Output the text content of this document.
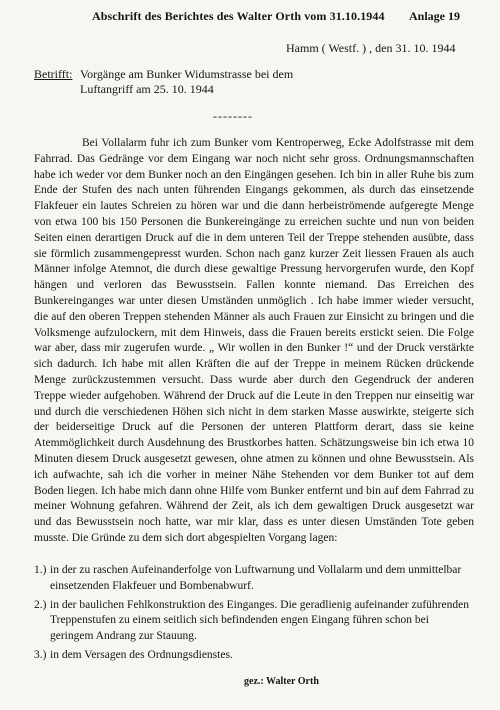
Abschrift des Berichtes des Walter Orth vom 31.10.1944 Anlage 19
Hamm ( Westf. ) , den 31. 10. 1944
Betrifft: Vorgänge am Bunker Widumstrasse bei dem
Luftangriff am 25. 10. 1944
--------

Bei Vollalarm fuhr ich zum Bunker vom Kentroperweg, Ecke Adolfstrasse mit dem Fahrrad. Das Gedränge vor dem Eingang war noch nicht sehr gross. Ordnungsmannschaften habe ich weder vor dem Bunker noch an den Eingängen gesehen. Ich bin in aller Ruhe bis zum Ende der Stufen des nach unten führenden Eingangs gekommen, als durch das einsetzende Flakfeuer ein lautes Schreien zu hören war und die dann herbeiströmende aufgeregte Menge von etwa 100 bis 150 Personen die Bunkereingänge zu erreichen suchte und nun von beiden Seiten einen derartigen Druck auf die in dem unteren Teil der Treppe stehenden ausübte, dass sie förmlich zusammengepresst wurden. Schon nach ganz kurzer Zeit liessen Frauen als auch Männer infolge Atemnot, die durch diese gewaltige Pressung hervorgerufen wurde, den Kopf hängen und verloren das Bewusstsein. Fallen konnte niemand. Das Erreichen des Bunkereinganges war unter diesen Umständen unmöglich . Ich habe immer wieder versucht, die auf den oberen Treppen stehenden Männer als auch Frauen zur Einsicht zu bringen und die Volksmenge aufzulockern, mit dem Hinweis, dass die Frauen bereits erstickt seien. Die Folge war aber, dass mir zugerufen wurde. „ Wir wollen in den Bunker !“ und der Druck verstärkte sich dadurch. Ich habe mit allen Kräften die auf der Treppe in meinem Rücken drückende Menge zurückzustemmen versucht. Dass wurde aber durch den Gegendruck der anderen Treppe wieder aufgehoben. Während der Druck auf die Leute in den Treppen nur einseitig war und durch die verschiedenen Höhen sich nicht in dem starken Masse auswirkte, steigerte sich der beiderseitige Druck auf die Personen der unteren Plattform derart, dass sie keine Atemmöglichkeit durch Ausdehnung des Brustkorbes hatten. Schätzungsweise bin ich etwa 10 Minuten diesem Druck ausgesetzt gewesen, ohne atmen zu können und ohne Bewusstsein. Als ich aufwachte, sah ich die vorher in meiner Nähe Stehenden vor dem Bunker tot auf dem Boden liegen. Ich habe mich dann ohne Hilfe vom Bunker entfernt und bin auf dem Fahrrad zu meiner Wohnung gefahren. Während der Zeit, als ich dem gewaltigen Druck ausgesetzt war und das Bewusstsein noch hatte, war mir klar, dass es unter diesen Umständen Tote geben musste. Die Gründe zu dem sich dort abgespielten Vorgang lagen:

1.) in der zu raschen Aufeinanderfolge von Luftwarnung und Vollalarm und dem unmittelbar einsetzenden Flakfeuer und Bombenabwurf.
2.) in der baulichen Fehlkonstruktion des Einganges. Die geradlienig aufeinander zuführenden Treppenstufen zu einem seitlich sich befindenden engen Eingang führen schon bei geringem Andrang zur Stauung.
3.) in dem Versagen des Ordnungsdienstes.
gez.: Walter Orth
